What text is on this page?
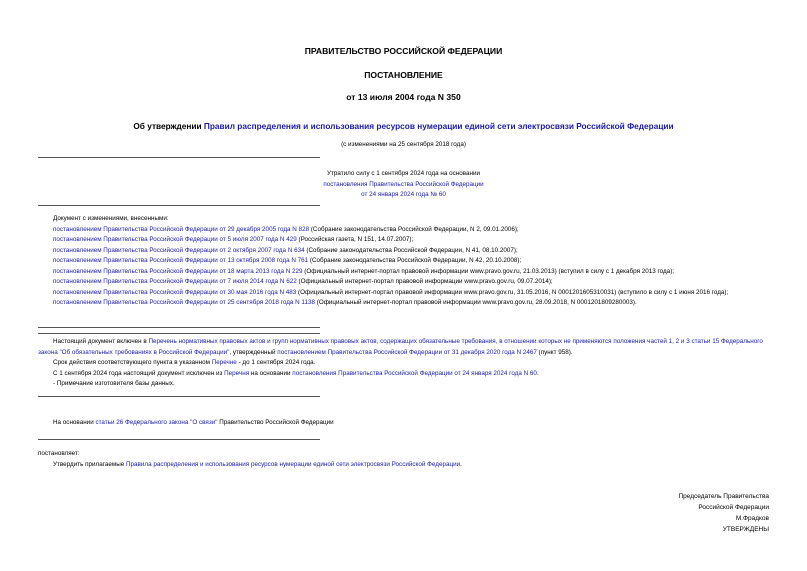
ПРАВИТЕЛЬСТВО РОССИЙСКОЙ ФЕДЕРАЦИИ
ПОСТАНОВЛЕНИЕ
от 13 июля 2004 года N 350
Об утверждении Правил распределения и использования ресурсов нумерации единой сети электросвязи Российской Федерации
(с изменениями на 25 сентября 2018 года)
Утратило силу с 1 сентября 2024 года на основании
постановления Правительства Российской Федерации
от 24 января 2024 года № 60
Документ с изменениями, внесенными:
постановлением Правительства Российской Федерации от 29 декабря 2005 года N 828 (Собрание законодательства Российской Федерации, N 2, 09.01.2006);
постановлением Правительства Российской Федерации от 5 июля 2007 года N 429 (Российская газета, N 151, 14.07.2007);
постановлением Правительства Российской Федерации от 2 октября 2007 года N 634 (Собрание законодательства Российской Федерации, N 41, 08.10.2007);
постановлением Правительства Российской Федерации от 13 октября 2008 года N 761 (Собрание законодательства Российской Федерации, N 42, 20.10.2008);
постановлением Правительства Российской Федерации от 18 марта 2013 года N 229 (Официальный интернет-портал правовой информации www.pravo.gov.ru, 21.03.2013) (вступил в силу с 1 декабря 2013 года);
постановлением Правительства Российской Федерации от 7 июля 2014 года N 622 (Официальный интернет-портал правовой информации www.pravo.gov.ru, 09.07.2014);
постановлением Правительства Российской Федерации от 30 мая 2016 года N 483 (Официальный интернет-портал правовой информации www.pravo.gov.ru, 31.05.2016, N 0001201605310031) (вступило в силу с 1 июня 2016 года);
постановлением Правительства Российской Федерации от 25 сентября 2018 года N 1138 (Официальный интернет-портал правовой информации www.pravo.gov.ru, 28.09.2018, N 0001201809280003).
Настоящий документ включен в Перечень нормативных правовых актов и групп нормативных правовых актов, содержащих обязательные требования, в отношении которых не применяются положения частей 1, 2 и 3 статьи 15 Федерального закона "Об обязательных требованиях в Российской Федерации", утвержденный постановлением Правительства Российской Федерации от 31 декабря 2020 года N 2467 (пункт 958).
Срок действия соответствующего пункта в указанном Перечне - до 1 сентября 2024 года.
С 1 сентября 2024 года настоящий документ исключен из Перечня на основании постановления Правительства Российской Федерации от 24 января 2024 года N 60.
- Примечание изготовителя базы данных.
На основании статьи 26 Федерального закона "О связи" Правительство Российской Федерации
постановляет:
Утвердить прилагаемые Правила распределения и использования ресурсов нумерации единой сети электросвязи Российской Федерации.
Председатель Правительства
Российской Федерации
М.Фрадков
УТВЕРЖДЕНЫ
